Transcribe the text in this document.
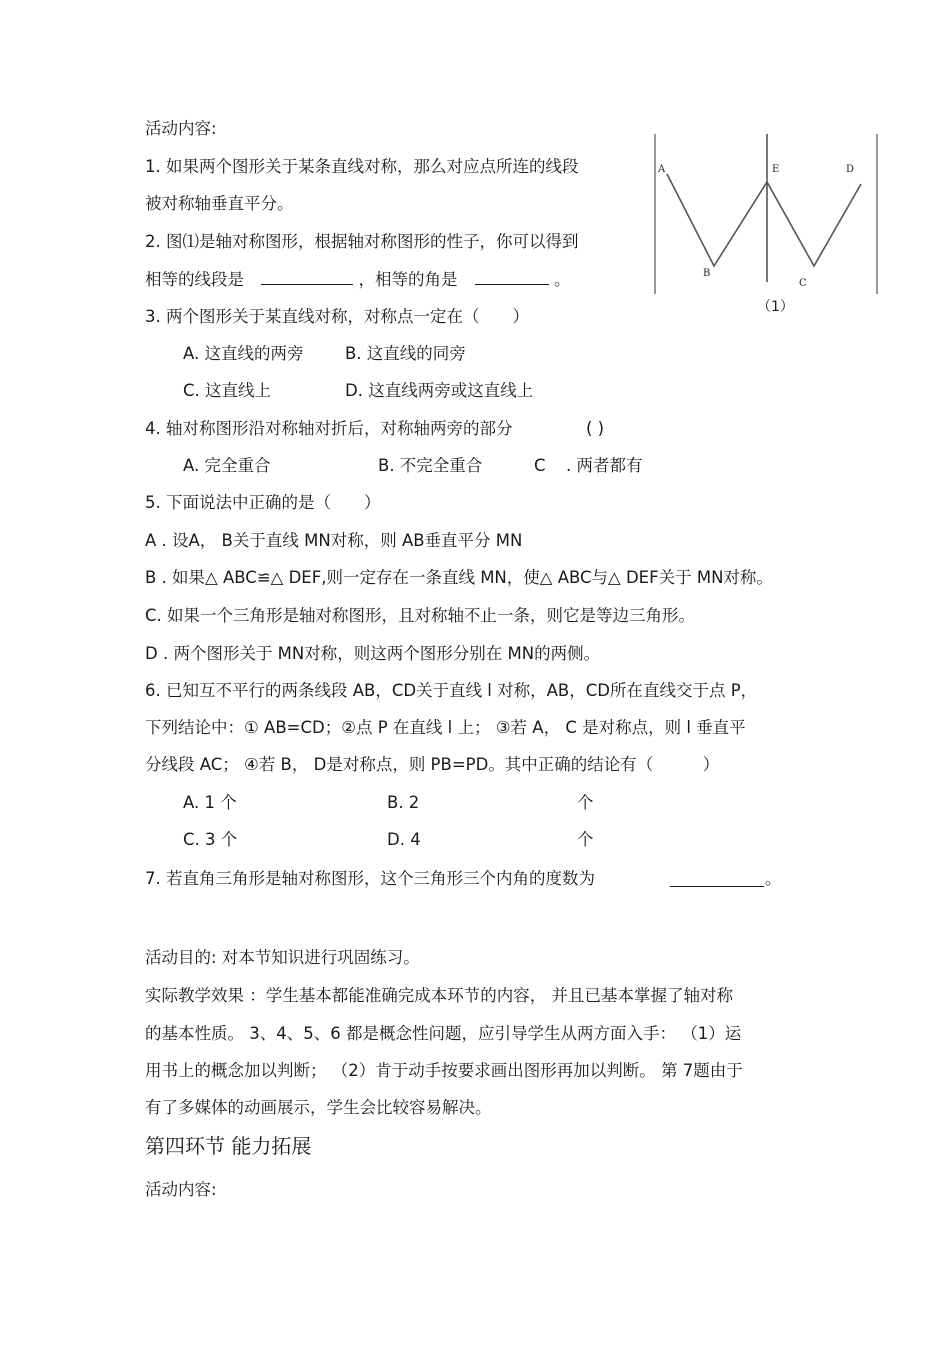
活动内容:
1. 如果两个图形关于某条直线对称，那么对应点所连的线段
被对称轴垂直平分。
2. 图⑴是轴对称图形，根据轴对称图形的性子，你可以得到
相等的线段是	，相等的角是	。
A	E	D
B
C
（1）
3. 两个图形关于某直线对称，对称点一定在（　　）
A. 这直线的两旁	B. 这直线的同旁
C. 这直线上	D. 这直线两旁或这直线上
4. 轴对称图形沿对称轴对折后，对称轴两旁的部分	( )
A. 完全重合	B. 不完全重合	C . 两者都有
5. 下面说法中正确的是（　　）
A . 设A， B关于直线 MN对称，则 AB垂直平分 MN
B . 如果△ ABC≌△ DEF,则一定存在一条直线 MN，使△ ABC与△ DEF关于 MN对称。
C. 如果一个三角形是轴对称图形，且对称轴不止一条，则它是等边三角形。
D . 两个图形关于 MN对称，则这两个图形分别在 MN的两侧。
6. 已知互不平行的两条线段 AB，CD关于直线 l 对称，AB，CD所在直线交于点 P，
下列结论中：① AB=CD；②点 P 在直线 l 上； ③若 A， C 是对称点，则 l 垂直平
分线段 AC； ④若 B， D是对称点，则 PB=PD。其中正确的结论有（　　　）
A. 1 个	B. 2	个
C. 3 个	D. 4	个
7. 若直角三角形是轴对称图形，这个三角形三个内角的度数为	。
活动目的: 对本节知识进行巩固练习。
实际教学效果 ：学生基本都能准确完成本环节的内容， 并且已基本掌握了轴对称
的基本性质。 3、4、5、6 都是概念性问题，应引导学生从两方面入手： （1）运
用书上的概念加以判断； （2）肯于动手按要求画出图形再加以判断。 第 7题由于
有了多媒体的动画展示，学生会比较容易解决。
第四环节 能力拓展
活动内容:
